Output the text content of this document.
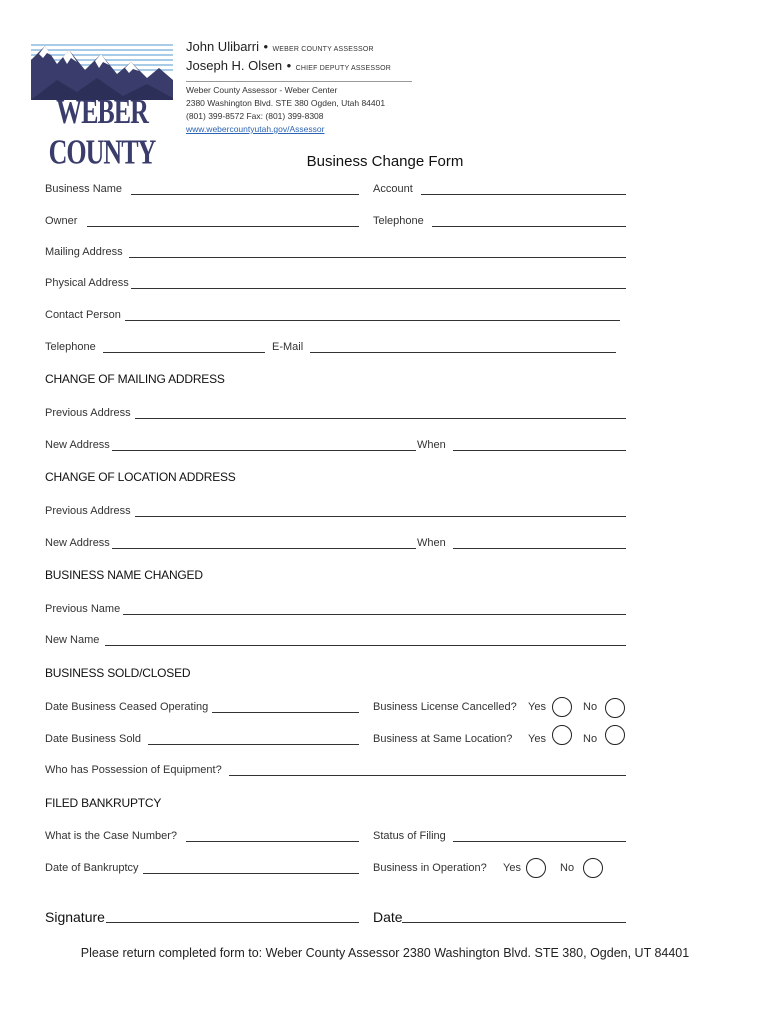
WEBER COUNTY
John Ulibarri • WEBER COUNTY ASSESSOR
Joseph H. Olsen • CHIEF DEPUTY ASSESSOR
Weber County Assessor - Weber Center
2380 Washington Blvd. STE 380 Ogden, Utah 84401
(801) 399-8572 Fax: (801) 399-8308
www.webercountyutah.gov/Assessor
Business Change Form
Business Name	Account
Owner	Telephone
Mailing Address
Physical Address
Contact Person
Telephone	E-Mail
CHANGE OF MAILING ADDRESS
Previous Address
New Address	When
CHANGE OF LOCATION ADDRESS
Previous Address
New Address	When
BUSINESS NAME CHANGED
Previous Name
New Name
BUSINESS SOLD/CLOSED
Date Business Ceased Operating	Business License Cancelled? Yes	No
Date Business Sold	Business at Same Location? Yes	No
Who has Possession of Equipment?
FILED BANKRUPTCY
What is the Case Number?	Status of Filing
Date of Bankruptcy	Business in Operation? Yes	No
Signature	Date
Please return completed form to: Weber County Assessor 2380 Washington Blvd. STE 380, Ogden, UT 84401
